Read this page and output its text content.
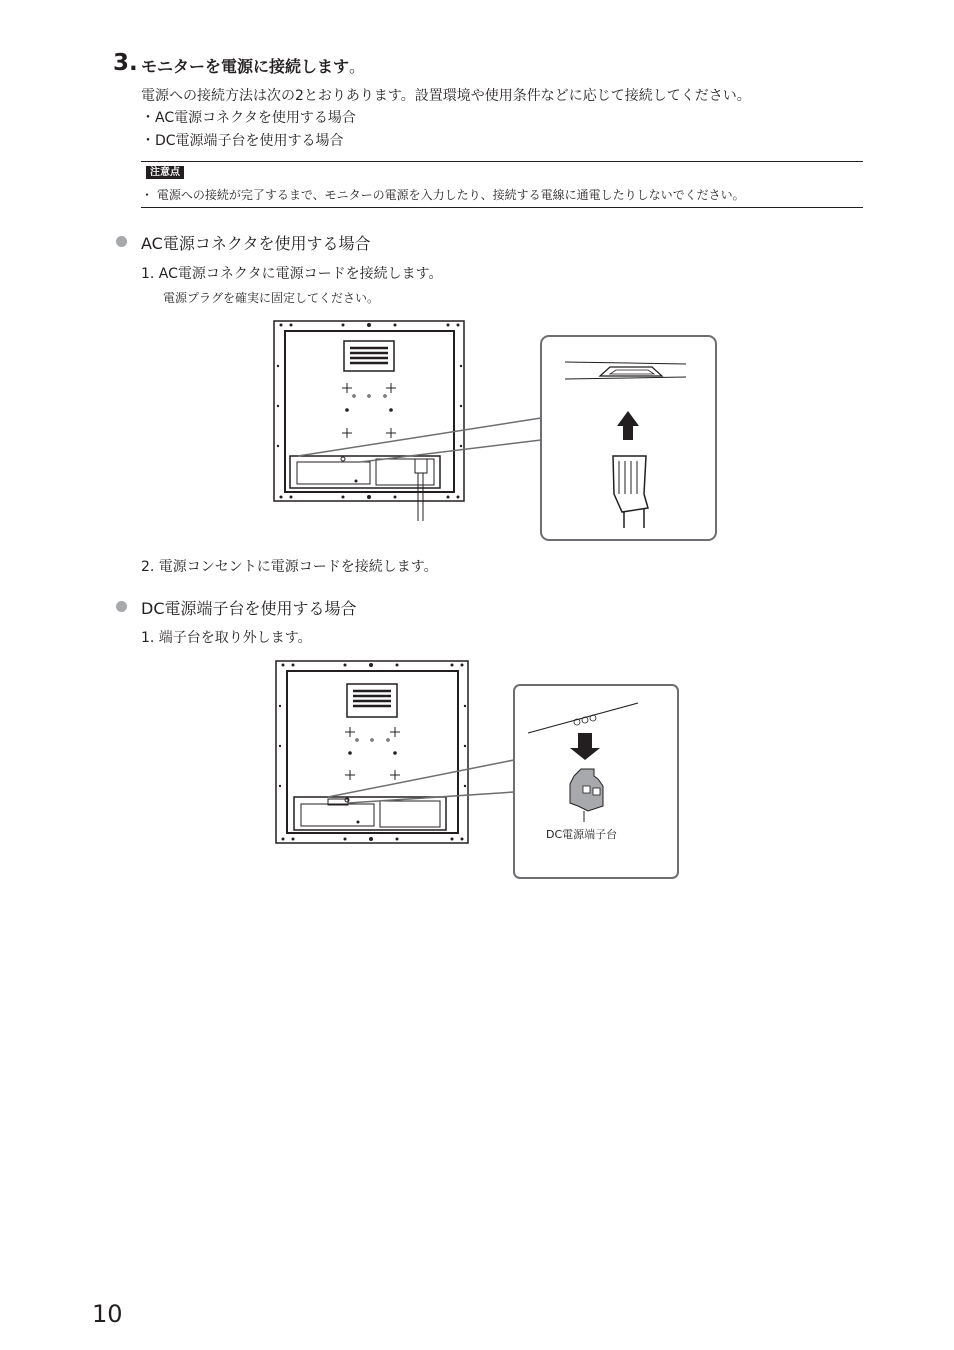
3. モニターを電源に接続します。
電源への接続方法は次の2とおりあります。設置環境や使用条件などに応じて接続してください。
・AC電源コネクタを使用する場合
・DC電源端子台を使用する場合
注意点
・ 電源への接続が完了するまで、モニターの電源を入力したり、接続する電線に通電したりしないでください。
AC電源コネクタを使用する場合
1. AC電源コネクタに電源コードを接続します。
電源プラグを確実に固定してください。
2. 電源コンセントに電源コードを接続します。
DC電源端子台を使用する場合
1. 端子台を取り外します。
DC電源端子台
10
